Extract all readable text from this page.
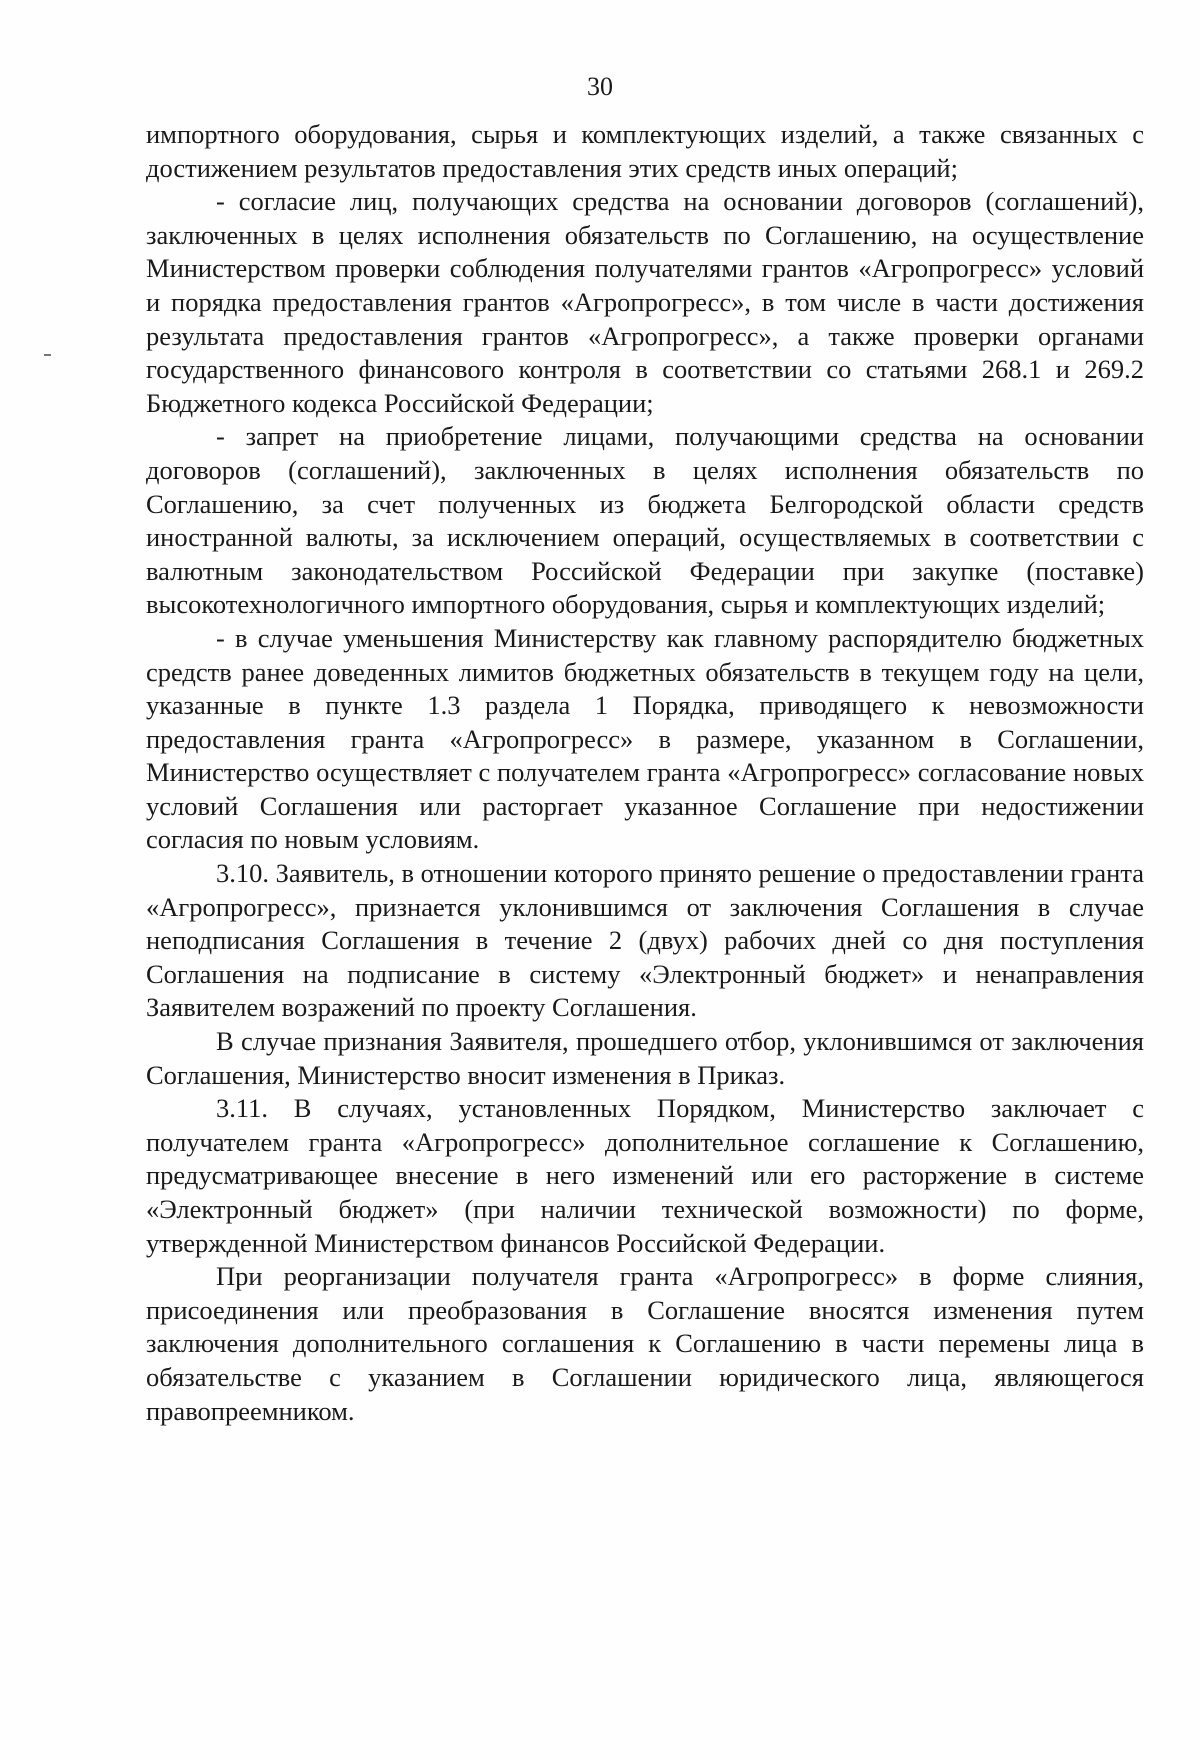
30

импортного оборудования, сырья и комплектующих изделий, а также связанных с достижением результатов предоставления этих средств иных операций;

- согласие лиц, получающих средства на основании договоров (соглашений), заключенных в целях исполнения обязательств по Соглашению, на осуществление Министерством проверки соблюдения получателями грантов «Агропрогресс» условий и порядка предоставления грантов «Агропрогресс», в том числе в части достижения результата предоставления грантов «Агропрогресс», а также проверки органами государственного финансового контроля в соответствии со статьями 268.1 и 269.2 Бюджетного кодекса Российской Федерации;

- запрет на приобретение лицами, получающими средства на основании договоров (соглашений), заключенных в целях исполнения обязательств по Соглашению, за счет полученных из бюджета Белгородской области средств иностранной валюты, за исключением операций, осуществляемых в соответствии с валютным законодательством Российской Федерации при закупке (поставке) высокотехнологичного импортного оборудования, сырья и комплектующих изделий;

- в случае уменьшения Министерству как главному распорядителю бюджетных средств ранее доведенных лимитов бюджетных обязательств в текущем году на цели, указанные в пункте 1.3 раздела 1 Порядка, приводящего к невозможности предоставления гранта «Агропрогресс» в размере, указанном в Соглашении, Министерство осуществляет с получателем гранта «Агропрогресс» согласование новых условий Соглашения или расторгает указанное Соглашение при недостижении согласия по новым условиям.

3.10. Заявитель, в отношении которого принято решение о предоставлении гранта «Агропрогресс», признается уклонившимся от заключения Соглашения в случае неподписания Соглашения в течение 2 (двух) рабочих дней со дня поступления Соглашения на подписание в систему «Электронный бюджет» и ненаправления Заявителем возражений по проекту Соглашения.

В случае признания Заявителя, прошедшего отбор, уклонившимся от заключения Соглашения, Министерство вносит изменения в Приказ.

3.11. В случаях, установленных Порядком, Министерство заключает с получателем гранта «Агропрогресс» дополнительное соглашение к Соглашению, предусматривающее внесение в него изменений или его расторжение в системе «Электронный бюджет» (при наличии технической возможности) по форме, утвержденной Министерством финансов Российской Федерации.

При реорганизации получателя гранта «Агропрогресс» в форме слияния, присоединения или преобразования в Соглашение вносятся изменения путем заключения дополнительного соглашения к Соглашению в части перемены лица в обязательстве с указанием в Соглашении юридического лица, являющегося правопреемником.
